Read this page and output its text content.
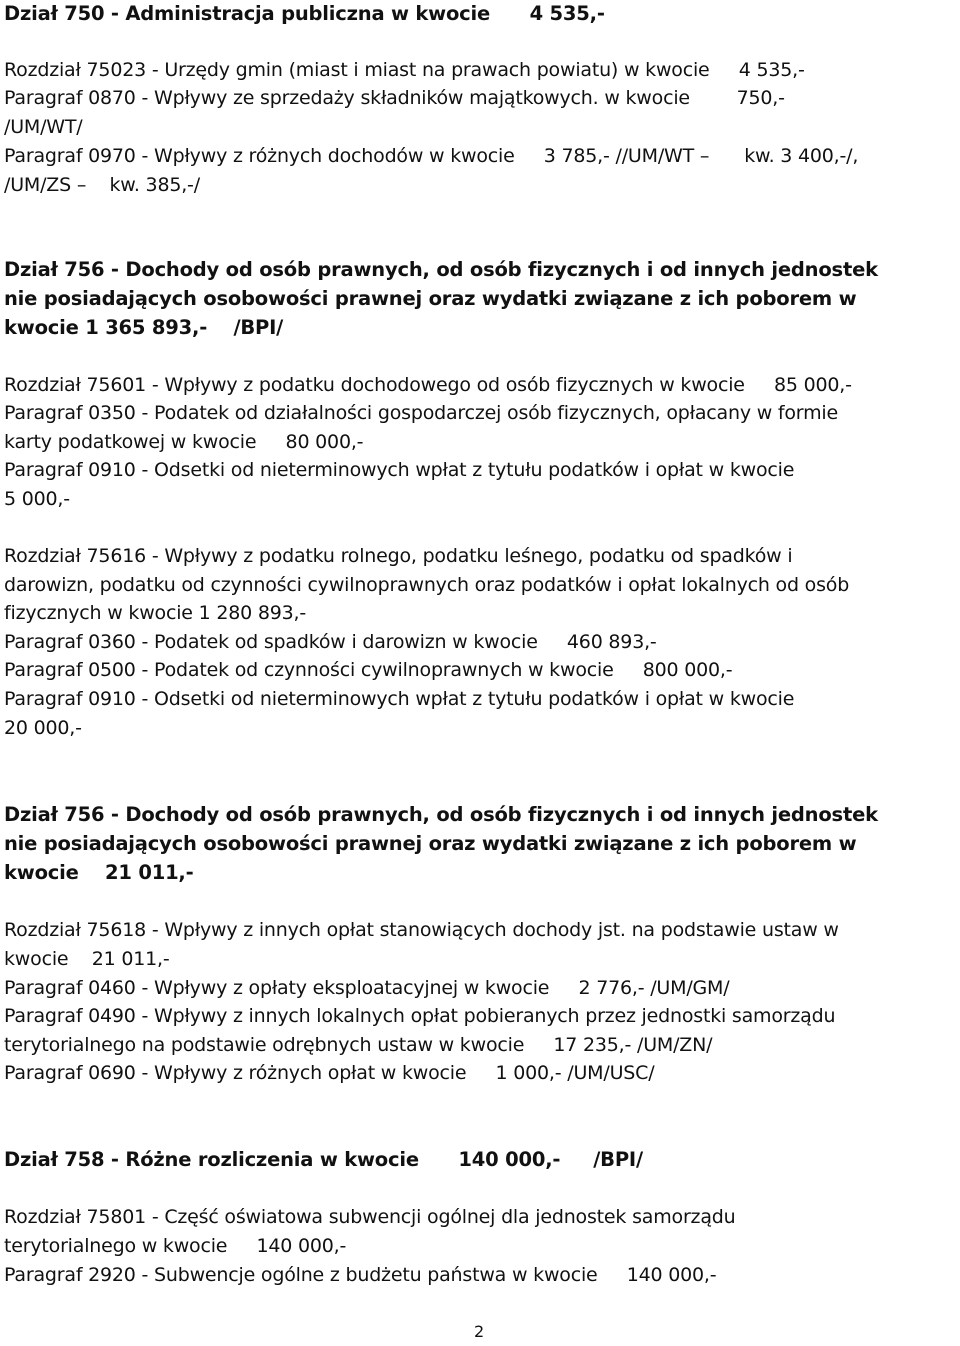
Dział 750 - Administracja publiczna w kwocie      4 535,-
Rozdział 75023 - Urzędy gmin (miast i miast na prawach powiatu) w kwocie     4 535,-
Paragraf 0870 - Wpływy ze sprzedaży składników majątkowych. w kwocie        750,-
/UM/WT/
Paragraf 0970 - Wpływy z różnych dochodów w kwocie     3 785,- //UM/WT –      kw. 3 400,-/,
/UM/ZS –    kw. 385,-/
Dział 756 - Dochody od osób prawnych, od osób fizycznych i od innych jednostek
nie posiadających osobowości prawnej oraz wydatki związane z ich poborem w
kwocie 1 365 893,-    /BPI/
Rozdział 75601 - Wpływy z podatku dochodowego od osób fizycznych w kwocie     85 000,-
Paragraf 0350 - Podatek od działalności gospodarczej osób fizycznych, opłacany w formie
karty podatkowej w kwocie     80 000,-
Paragraf 0910 - Odsetki od nieterminowych wpłat z tytułu podatków i opłat w kwocie
5 000,-
Rozdział 75616 - Wpływy z podatku rolnego, podatku leśnego, podatku od spadków i
darowizn, podatku od czynności cywilnoprawnych oraz podatków i opłat lokalnych od osób
fizycznych w kwocie 1 280 893,-
Paragraf 0360 - Podatek od spadków i darowizn w kwocie     460 893,-
Paragraf 0500 - Podatek od czynności cywilnoprawnych w kwocie     800 000,-
Paragraf 0910 - Odsetki od nieterminowych wpłat z tytułu podatków i opłat w kwocie
20 000,-
Dział 756 - Dochody od osób prawnych, od osób fizycznych i od innych jednostek
nie posiadających osobowości prawnej oraz wydatki związane z ich poborem w
kwocie    21 011,-
Rozdział 75618 - Wpływy z innych opłat stanowiących dochody jst. na podstawie ustaw w
kwocie    21 011,-
Paragraf 0460 - Wpływy z opłaty eksploatacyjnej w kwocie     2 776,- /UM/GM/
Paragraf 0490 - Wpływy z innych lokalnych opłat pobieranych przez jednostki samorządu
terytorialnego na podstawie odrębnych ustaw w kwocie     17 235,- /UM/ZN/
Paragraf 0690 - Wpływy z różnych opłat w kwocie     1 000,- /UM/USC/
Dział 758 - Różne rozliczenia w kwocie      140 000,-     /BPI/
Rozdział 75801 - Część oświatowa subwencji ogólnej dla jednostek samorządu
terytorialnego w kwocie     140 000,-
Paragraf 2920 - Subwencje ogólne z budżetu państwa w kwocie     140 000,-
2
